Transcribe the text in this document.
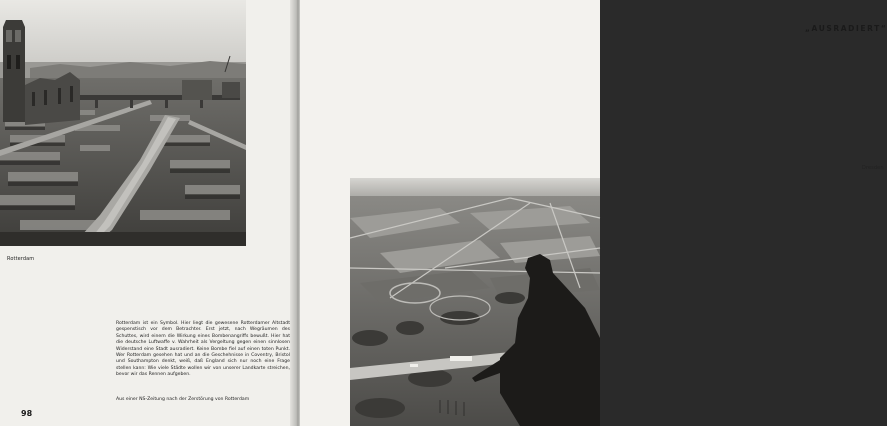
Rotterdam

Rotterdam ist ein Symbol. Hier liegt die gewesene Rotterdamer Altstadt gespenstisch vor dem Betrachter. Erst jetzt, nach Wegräumen des Schuttes, wird einem die Wirkung eines Bombenangriffs bewußt. Hier hat die deutsche Luftwaffe v. Wahrheit als Vergeltung gegen einen sinnlosen Widerstand eine Stadt ausradiert. Keine Bombe fiel auf einen toten Punkt. Wer Rotterdam gesehen hat und an die Geschehnisse in Coventry, Bristol und Southampton denkt, weiß, daß England sich nur noch eine Frage stellen kann: Wie viele Städte wollen wir von unserer Landkarte streichen, bevor wir das Rennen aufgeben.

Aus einer NS-Zeitung nach der Zerstörung von Rotterdam

98
„AUSRADIERT“
Dresden
